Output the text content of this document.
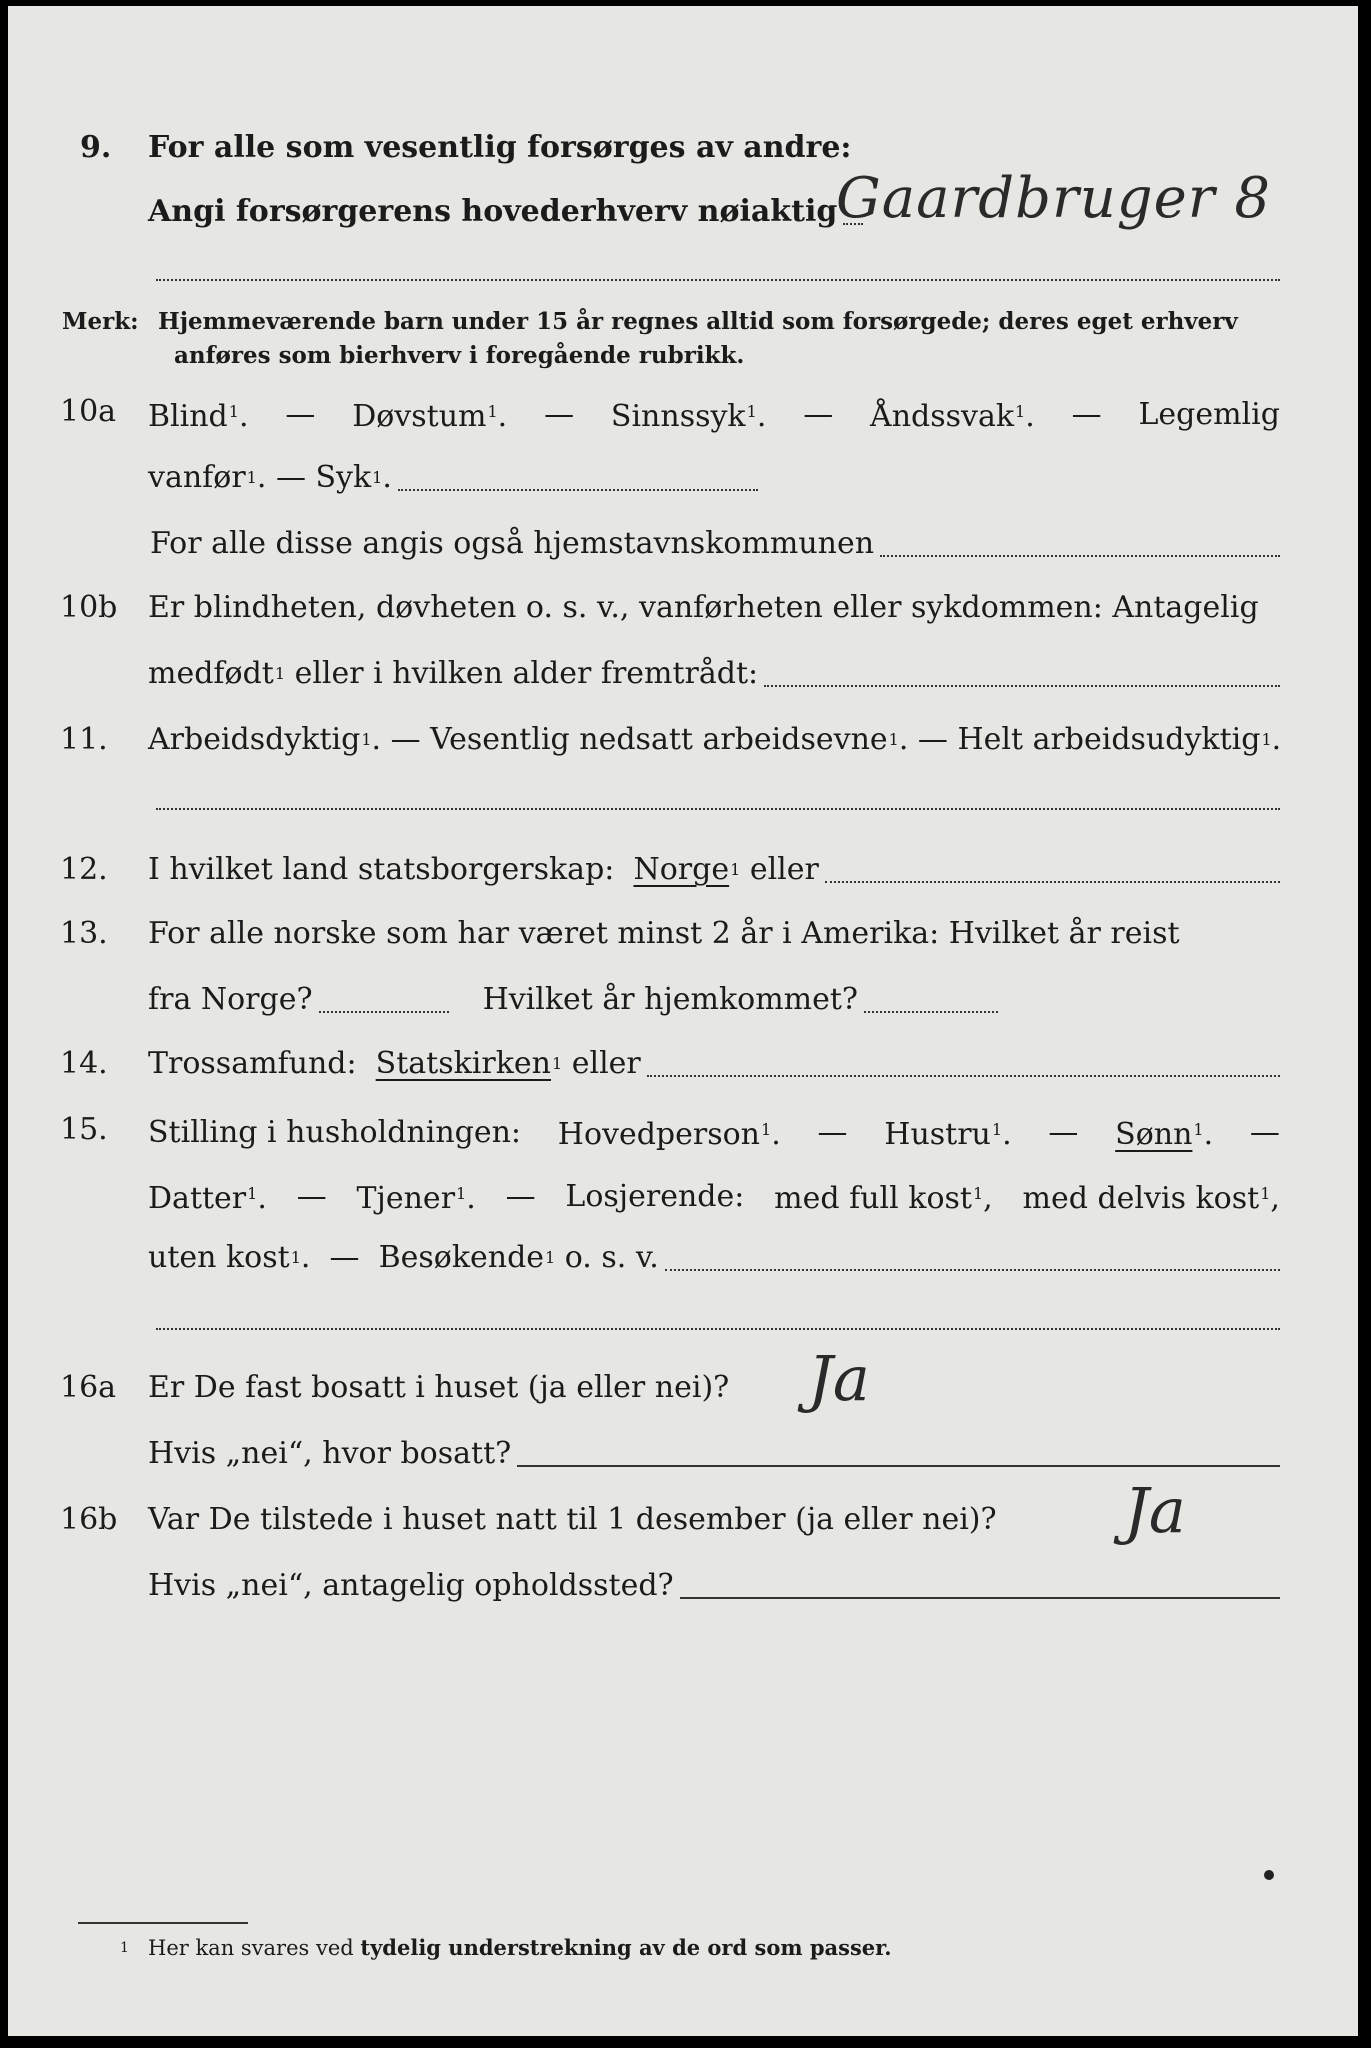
9. For alle som vesentlig forsørges av andre:
Angi forsørgerens hovederhverv nøiaktig
Gaardbruger 8
Merk: Hjemmeværende barn under 15 år regnes alltid som forsørgede; deres eget erhverv
anføres som bierhverv i foregående rubrikk.
10a Blind$^1$. — Døvstum$^1$. — Sinnssyk$^1$. — Åndssvak$^1$. — Legemlig
vanfør 1 . —
Syk 1 .
For alle disse angis også hjemstavnskommunen
10b Er blindheten, døvheten o. s. v., vanførheten eller sykdommen: Antagelig
medfødt 1
eller i hvilken alder fremtrådt:
11. Arbeidsdyktig 1 . —
Vesentlig nedsatt arbeidsevne 1 . —
Helt arbeidsudyktig 1 .
12. I hvilket land statsborgerskap:
Norge 1
eller
13. For alle norske som har været minst 2 år i Amerika: Hvilket år reist
fra Norge?	Hvilket år hjemkommet?
14. Trossamfund:
Statskirken 1
eller
15. Stilling i husholdningen: Hovedperson$^1$. — Hustru$^1$. — Sønn$^1$. —
Datter$^1$. — Tjener$^1$. — Losjerende: med full kost$^1$, med delvis kost$^1$,
uten kost 1 . —
Besøkende 1
o. s. v.
16a Er De fast bosatt i huset (ja eller nei)?	Ja
Hvis „nei“, hvor bosatt?
16b Var De tilstede i huset natt til 1 desember (ja eller nei)?	Ja
Hvis „nei“, antagelig opholdssted?
1 Her kan svares ved
tydelig understrekning av de ord som passer.
